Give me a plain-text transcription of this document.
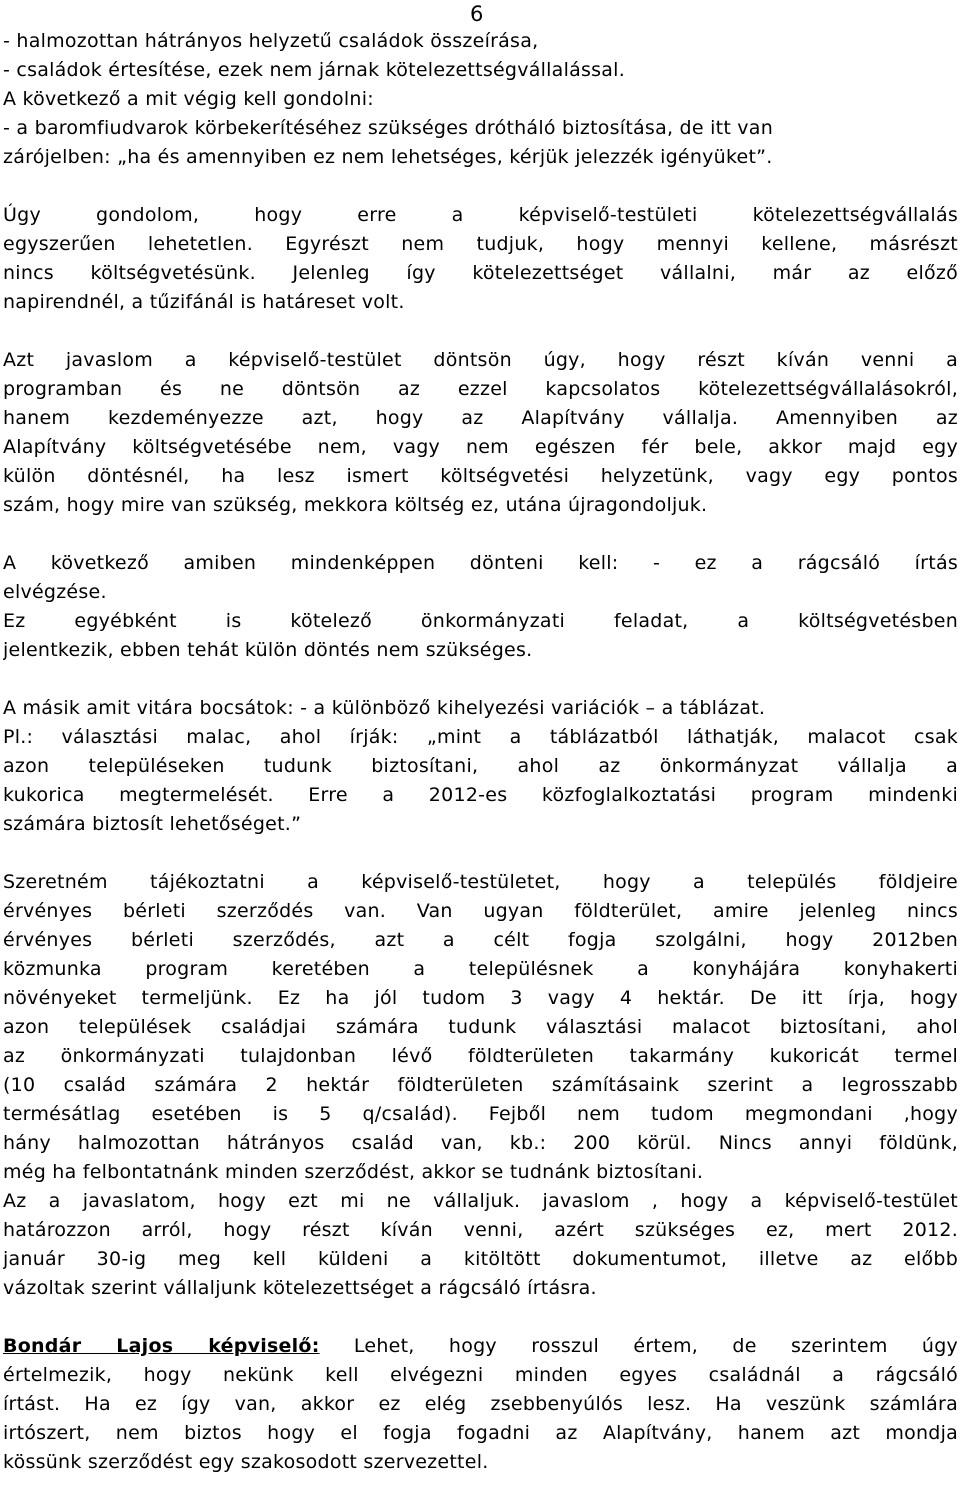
6
- halmozottan hátrányos helyzetű családok összeírása,
- családok értesítése, ezek nem járnak kötelezettségvállalással.
A következő a mit végig kell gondolni:
- a baromfiudvarok körbekerítéséhez szükséges drótháló biztosítása, de itt van
zárójelben: „ha és amennyiben ez nem lehetséges, kérjük jelezzék igényüket”.
Úgy gondolom, hogy erre a képviselő-testületi kötelezettségvállalás
egyszerűen lehetetlen. Egyrészt nem tudjuk, hogy mennyi kellene, másrészt
nincs költségvetésünk. Jelenleg így kötelezettséget vállalni, már az előző
napirendnél, a tűzifánál is határeset volt.
Azt javaslom a képviselő-testület döntsön úgy, hogy részt kíván venni a
programban és ne döntsön az ezzel kapcsolatos kötelezettségvállalásokról,
hanem kezdeményezze azt, hogy az Alapítvány vállalja. Amennyiben az
Alapítvány költségvetésébe nem, vagy nem egészen fér bele, akkor majd egy
külön döntésnél, ha lesz ismert költségvetési helyzetünk, vagy egy pontos
szám, hogy mire van szükség, mekkora költség ez, utána újragondoljuk.
A következő amiben mindenképpen dönteni kell: - ez a rágcsáló írtás
elvégzése.
Ez egyébként is kötelező önkormányzati feladat, a költségvetésben
jelentkezik, ebben tehát külön döntés nem szükséges.
A másik amit vitára bocsátok: - a különböző kihelyezési variációk – a táblázat.
Pl.: választási malac, ahol írják: „mint a táblázatból láthatják, malacot csak
azon településeken tudunk biztosítani, ahol az önkormányzat vállalja a
kukorica megtermelését. Erre a 2012-es közfoglalkoztatási program mindenki
számára biztosít lehetőséget.”
Szeretném tájékoztatni a képviselő-testületet, hogy a település földjeire
érvényes bérleti szerződés van. Van ugyan földterület, amire jelenleg nincs
érvényes bérleti szerződés, azt a célt fogja szolgálni, hogy 2012ben
közmunka program keretében a településnek a konyhájára konyhakerti
növényeket termeljünk. Ez ha jól tudom 3 vagy 4 hektár. De itt írja, hogy
azon települések családjai számára tudunk választási malacot biztosítani, ahol
az önkormányzati tulajdonban lévő földterületen takarmány kukoricát termel
(10 család számára 2 hektár földterületen számításaink szerint a legrosszabb
termésátlag esetében is 5 q/család). Fejből nem tudom megmondani ,hogy
hány halmozottan hátrányos család van, kb.: 200 körül. Nincs annyi földünk,
még ha felbontatnánk minden szerződést, akkor se tudnánk biztosítani.
Az a javaslatom, hogy ezt mi ne vállaljuk. javaslom , hogy a képviselő-testület
határozzon arról, hogy részt kíván venni, azért szükséges ez, mert 2012.
január 30-ig meg kell küldeni a kitöltött dokumentumot, illetve az előbb
vázoltak szerint vállaljunk kötelezettséget a rágcsáló írtásra.
Bondár Lajos képviselő: Lehet, hogy rosszul értem, de szerintem úgy
értelmezik, hogy nekünk kell elvégezni minden egyes családnál a rágcsáló
írtást. Ha ez így van, akkor ez elég zsebbenyúlós lesz. Ha veszünk számlára
irtószert, nem biztos hogy el fogja fogadni az Alapítvány, hanem azt mondja
kössünk szerződést egy szakosodott szervezettel.
